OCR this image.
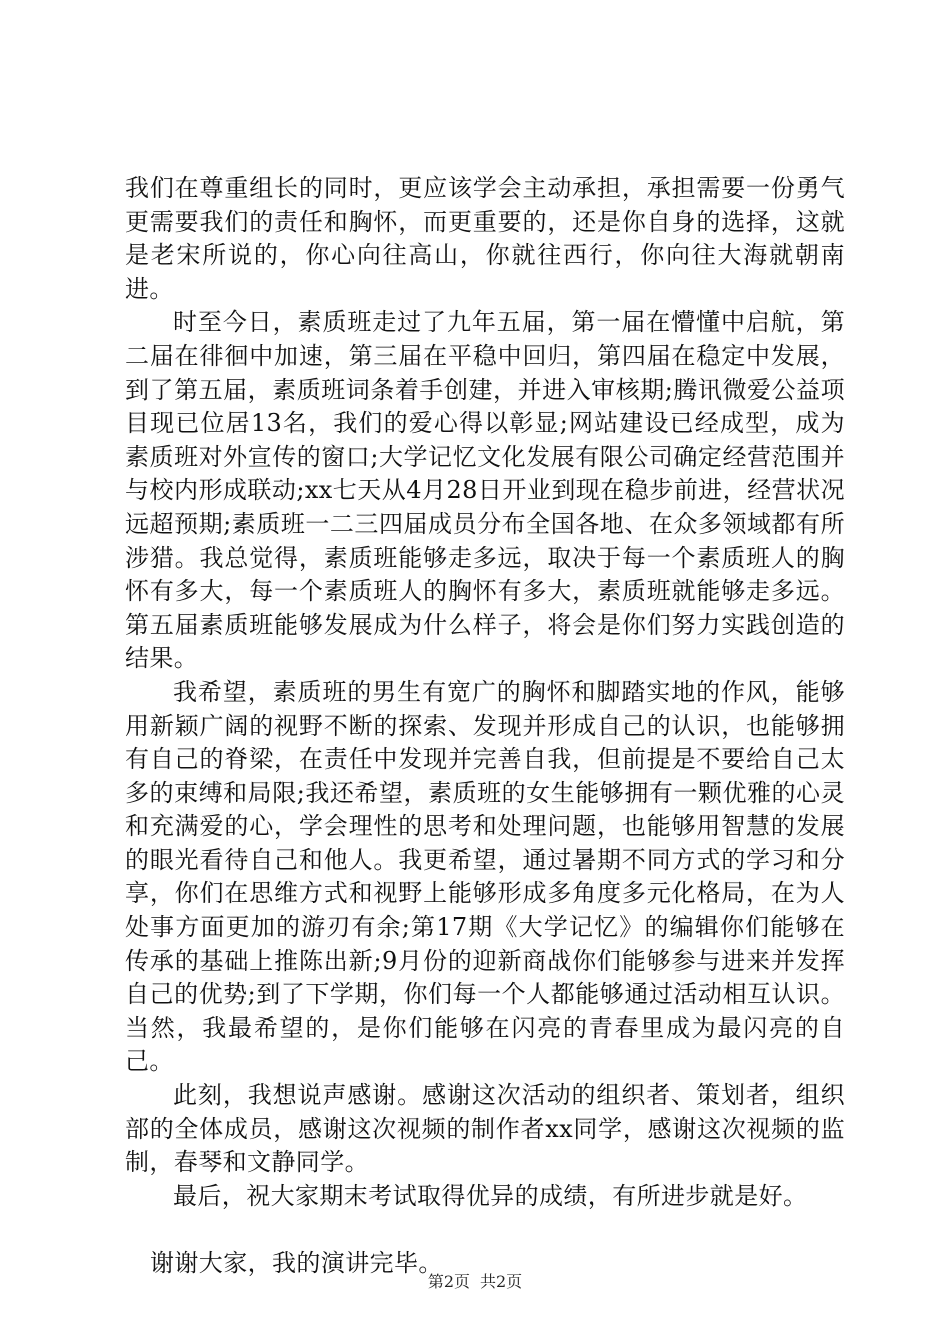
我们在尊重组长的同时，更应该学会主动承担，承担需要一份勇气更需要我们的责任和胸怀，而更重要的，还是你自身的选择，这就是老宋所说的，你心向往高山，你就往西行，你向往大海就朝南进。

时至今日，素质班走过了九年五届，第一届在懵懂中启航，第二届在徘徊中加速，第三届在平稳中回归，第四届在稳定中发展，到了第五届，素质班词条着手创建，并进入审核期;腾讯微爱公益项目现已位居13名，我们的爱心得以彰显;网站建设已经成型，成为素质班对外宣传的窗口;大学记忆文化发展有限公司确定经营范围并与校内形成联动;xx七天从4月28日开业到现在稳步前进，经营状况远超预期;素质班一二三四届成员分布全国各地、在众多领域都有所涉猎。我总觉得，素质班能够走多远，取决于每一个素质班人的胸怀有多大，每一个素质班人的胸怀有多大，素质班就能够走多远。第五届素质班能够发展成为什么样子，将会是你们努力实践创造的结果。

我希望，素质班的男生有宽广的胸怀和脚踏实地的作风，能够用新颖广阔的视野不断的探索、发现并形成自己的认识，也能够拥有自己的脊梁，在责任中发现并完善自我，但前提是不要给自己太多的束缚和局限;我还希望，素质班的女生能够拥有一颗优雅的心灵和充满爱的心，学会理性的思考和处理问题，也能够用智慧的发展的眼光看待自己和他人。我更希望，通过暑期不同方式的学习和分享，你们在思维方式和视野上能够形成多角度多元化格局，在为人处事方面更加的游刃有余;第17期《大学记忆》的编辑你们能够在传承的基础上推陈出新;9月份的迎新商战你们能够参与进来并发挥自己的优势;到了下学期，你们每一个人都能够通过活动相互认识。当然，我最希望的，是你们能够在闪亮的青春里成为最闪亮的自己。

此刻，我想说声感谢。感谢这次活动的组织者、策划者，组织部的全体成员，感谢这次视频的制作者xx同学，感谢这次视频的监制，春琴和文静同学。

最后，祝大家期末考试取得优异的成绩，有所进步就是好。

谢谢大家，我的演讲完毕。

第2页 共2页
